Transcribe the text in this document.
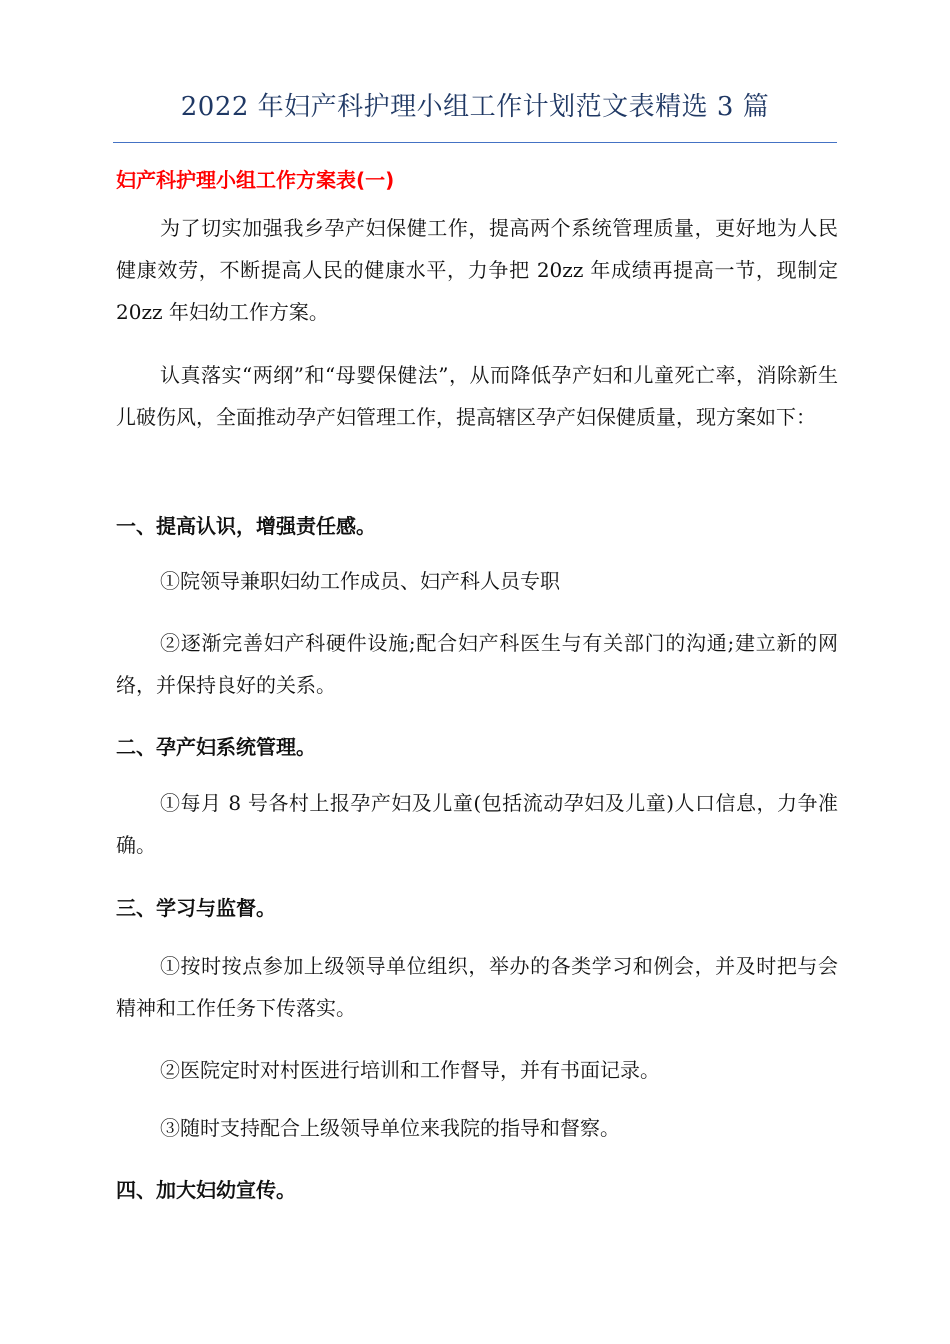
2022 年妇产科护理小组工作计划范文表精选 3 篇
妇产科护理小组工作方案表(一)
为了切实加强我乡孕产妇保健工作，提高两个系统管理质量，更好地为人民健康效劳，不断提高人民的健康水平，力争把 20zz 年成绩再提高一节，现制定 20zz 年妇幼工作方案。
认真落实“两纲”和“母婴保健法”，从而降低孕产妇和儿童死亡率，消除新生儿破伤风，全面推动孕产妇管理工作，提高辖区孕产妇保健质量，现方案如下：
一、提高认识，增强责任感。
①院领导兼职妇幼工作成员、妇产科人员专职
②逐渐完善妇产科硬件设施;配合妇产科医生与有关部门的沟通;建立新的网络，并保持良好的关系。
二、孕产妇系统管理。
①每月 8 号各村上报孕产妇及儿童(包括流动孕妇及儿童)人口信息，力争准确。
三、学习与监督。
①按时按点参加上级领导单位组织，举办的各类学习和例会，并及时把与会精神和工作任务下传落实。
②医院定时对村医进行培训和工作督导，并有书面记录。
③随时支持配合上级领导单位来我院的指导和督察。
四、加大妇幼宣传。
